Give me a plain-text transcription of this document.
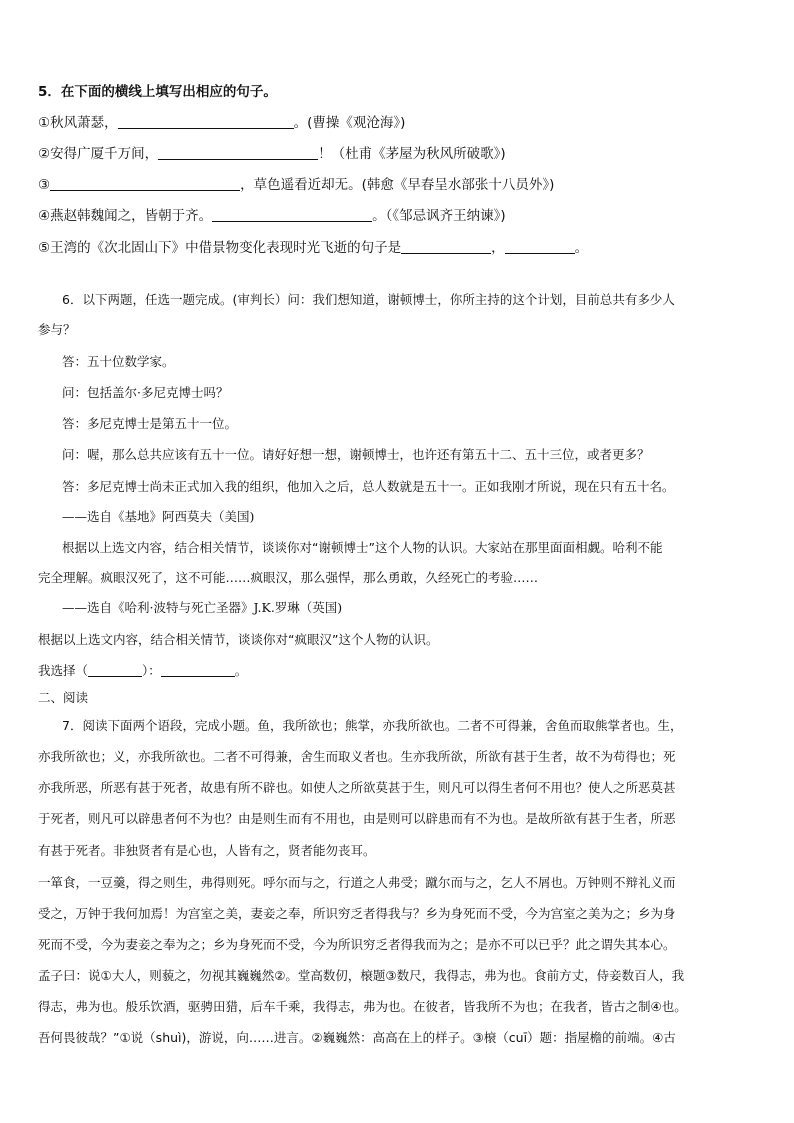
5．在下面的横线上填写出相应的句子。
①秋风萧瑟，	。(曹操《观沧海》)
②安得广厦千万间，	！（杜甫《茅屋为秋风所破歌》)
③	，草色遥看近却无。(韩愈《早春呈水部张十八员外》)
④燕赵韩魏闻之，皆朝于齐。	。（《邹忌讽齐王纳谏》)
⑤王湾的《次北固山下》中借景物变化表现时光飞逝的句子是	，	。
6．以下两题，任选一题完成。(审判长）问：我们想知道，谢顿博士，你所主持的这个计划，目前总共有多少人
参与？
答：五十位数学家。
问：包括盖尔·多尼克博士吗？
答：多尼克博士是第五十一位。
问：喔，那么总共应该有五十一位。请好好想一想，谢顿博士，也许还有第五十二、五十三位，或者更多？
答：多尼克博士尚未正式加入我的组织，他加入之后，总人数就是五十一。正如我刚才所说，现在只有五十名。
——选自《基地》阿西莫夫（美国)
根据以上选文内容，结合相关情节，谈谈你对“谢顿博士”这个人物的认识。大家站在那里面面相觑。哈利不能
完全理解。疯眼汉死了，这不可能……疯眼汉，那么强悍，那么勇敢，久经死亡的考验……
——选自《哈利·波特与死亡圣器》J.K.罗琳（英国)
根据以上选文内容，结合相关情节，谈谈你对“疯眼汉”这个人物的认识。
我选择（	）：	。
二、阅读
7．阅读下面两个语段，完成小题。鱼，我所欲也；熊掌，亦我所欲也。二者不可得兼，舍鱼而取熊掌者也。生，
亦我所欲也；义，亦我所欲也。二者不可得兼，舍生而取义者也。生亦我所欲，所欲有甚于生者，故不为苟得也；死
亦我所恶，所恶有甚于死者，故患有所不辟也。如使人之所欲莫甚于生，则凡可以得生者何不用也？使人之所恶莫甚
于死者，则凡可以辟患者何不为也？由是则生而有不用也，由是则可以辟患而有不为也。是故所欲有甚于生者，所恶
有甚于死者。非独贤者有是心也，人皆有之，贤者能勿丧耳。
一箪食，一豆羹，得之则生，弗得则死。呼尔而与之，行道之人弗受；蹴尔而与之，乞人不屑也。万钟则不辩礼义而
受之，万钟于我何加焉！为宫室之美，妻妾之奉，所识穷乏者得我与？乡为身死而不受，今为宫室之美为之；乡为身
死而不受，今为妻妾之奉为之；乡为身死而不受，今为所识穷乏者得我而为之；是亦不可以已乎？此之谓失其本心。
孟子曰：说①大人，则藐之，勿视其巍巍然②。堂高数仞，榱题③数尺，我得志，弗为也。食前方丈，侍妾数百人，我
得志，弗为也。般乐饮酒，驱骋田猎，后车千乘，我得志，弗为也。在彼者，皆我所不为也；在我者，皆古之制④也。
吾何畏彼哉？”①说（shuì)，游说，向……进言。②巍巍然：高高在上的样子。③榱（cuī）题：指屋檐的前端。④古
